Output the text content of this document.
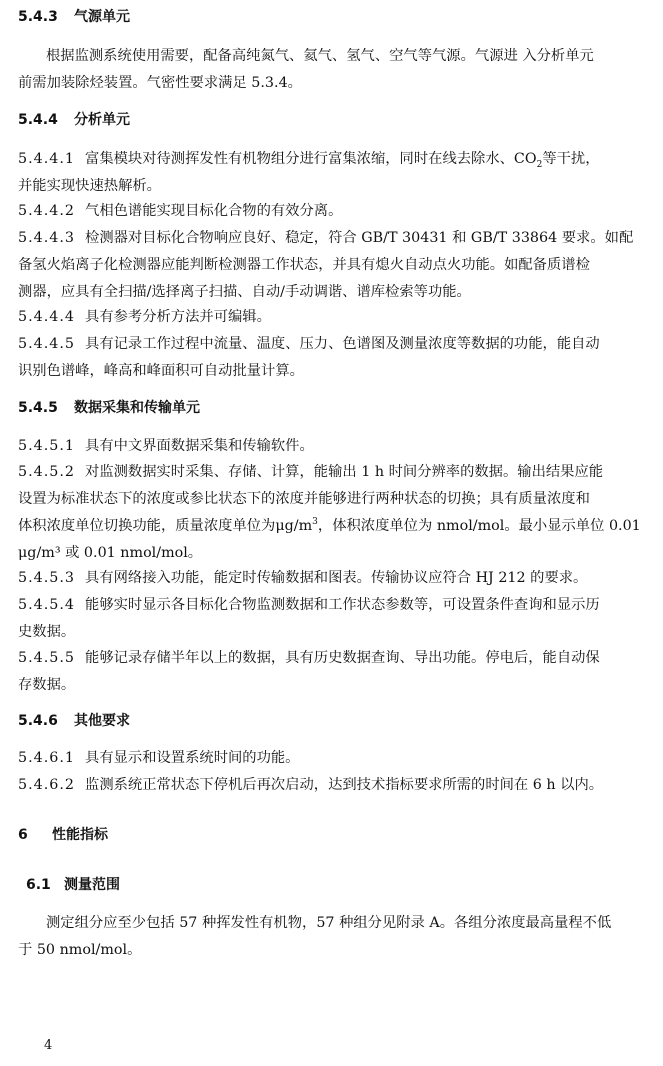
5.4.3 气源单元
根据监测系统使用需要，配备高纯氮气、氦气、氢气、空气等气源。气源进 入分析单元
前需加装除烃装置。气密性要求满足 5.3.4。
5.4.4 分析单元
5.4.4.1 富集模块对待测挥发性有机物组分进行富集浓缩，同时在线去除水、$CO_2$等干扰，
并能实现快速热解析。
5.4.4.2 气相色谱能实现目标化合物的有效分离。
5.4.4.3 检测器对目标化合物响应良好、稳定，符合 GB/T 30431 和 GB/T 33864 要求。如配
备氢火焰离子化检测器应能判断检测器工作状态，并具有熄火自动点火功能。如配备质谱检
测器，应具有全扫描/选择离子扫描、自动/手动调谐、谱库检索等功能。
5.4.4.4 具有参考分析方法并可编辑。
5.4.4.5 具有记录工作过程中流量、温度、压力、色谱图及测量浓度等数据的功能，能自动
识别色谱峰，峰高和峰面积可自动批量计算。
5.4.5 数据采集和传输单元
5.4.5.1 具有中文界面数据采集和传输软件。
5.4.5.2 对监测数据实时采集、存储、计算，能输出 1 h 时间分辨率的数据。输出结果应能
设置为标准状态下的浓度或参比状态下的浓度并能够进行两种状态的切换；具有质量浓度和
体积浓度单位切换功能，质量浓度单位为$\mu g/m^3$，体积浓度单位为 nmol/mol。最小显示单位 0.01
μg/m³ 或 0.01 nmol/mol。
5.4.5.3 具有网络接入功能，能定时传输数据和图表。传输协议应符合 HJ 212 的要求。
5.4.5.4 能够实时显示各目标化合物监测数据和工作状态参数等，可设置条件查询和显示历
史数据。
5.4.5.5 能够记录存储半年以上的数据，具有历史数据查询、导出功能。停电后，能自动保
存数据。
5.4.6 其他要求
5.4.6.1 具有显示和设置系统时间的功能。
5.4.6.2 监测系统正常状态下停机后再次启动，达到技术指标要求所需的时间在 6 h 以内。
6 性能指标
6.1 测量范围
测定组分应至少包括 57 种挥发性有机物，57 种组分见附录 A。各组分浓度最高量程不低
于 50 nmol/mol。
4
